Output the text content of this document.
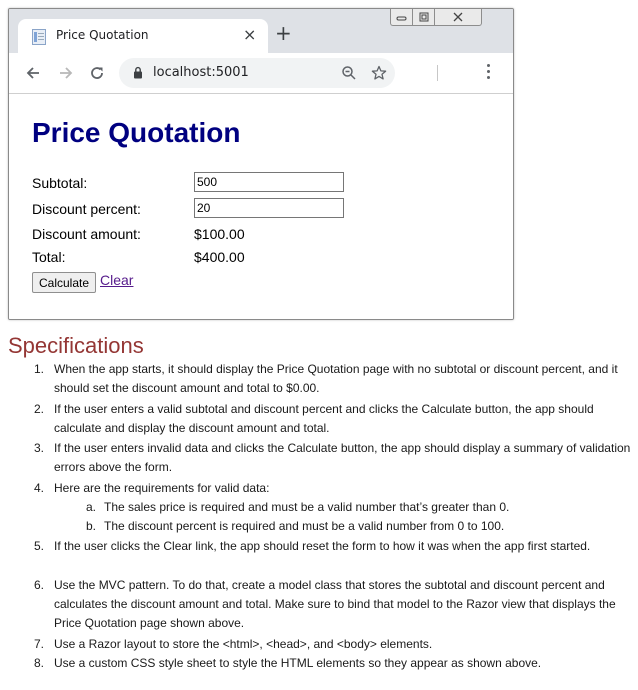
Price Quotation	× +
localhost:5001
Price Quotation
Subtotal:
500
Discount percent:
20
Discount amount:	$100.00
Total:	$400.00
Calculate Clear
Specifications
1. When the app starts, it should display the Price Quotation page with no subtotal or discount percent, and it should set the discount amount and total to $0.00.
2. If the user enters a valid subtotal and discount percent and clicks the Calculate button, the app should calculate and display the discount amount and total.
3. If the user enters invalid data and clicks the Calculate button, the app should display a summary of validation errors above the form.
4. Here are the requirements for valid data:
a. The sales price is required and must be a valid number that’s greater than 0.
b. The discount percent is required and must be a valid number from 0 to 100.
5. If the user clicks the Clear link, the app should reset the form to how it was when the app first started.
6. Use the MVC pattern. To do that, create a model class that stores the subtotal and discount percent and calculates the discount amount and total. Make sure to bind that model to the Razor view that displays the Price Quotation page shown above.
7. Use a Razor layout to store the <html>, <head>, and <body> elements.
8. Use a custom CSS style sheet to style the HTML elements so they appear as shown above.
